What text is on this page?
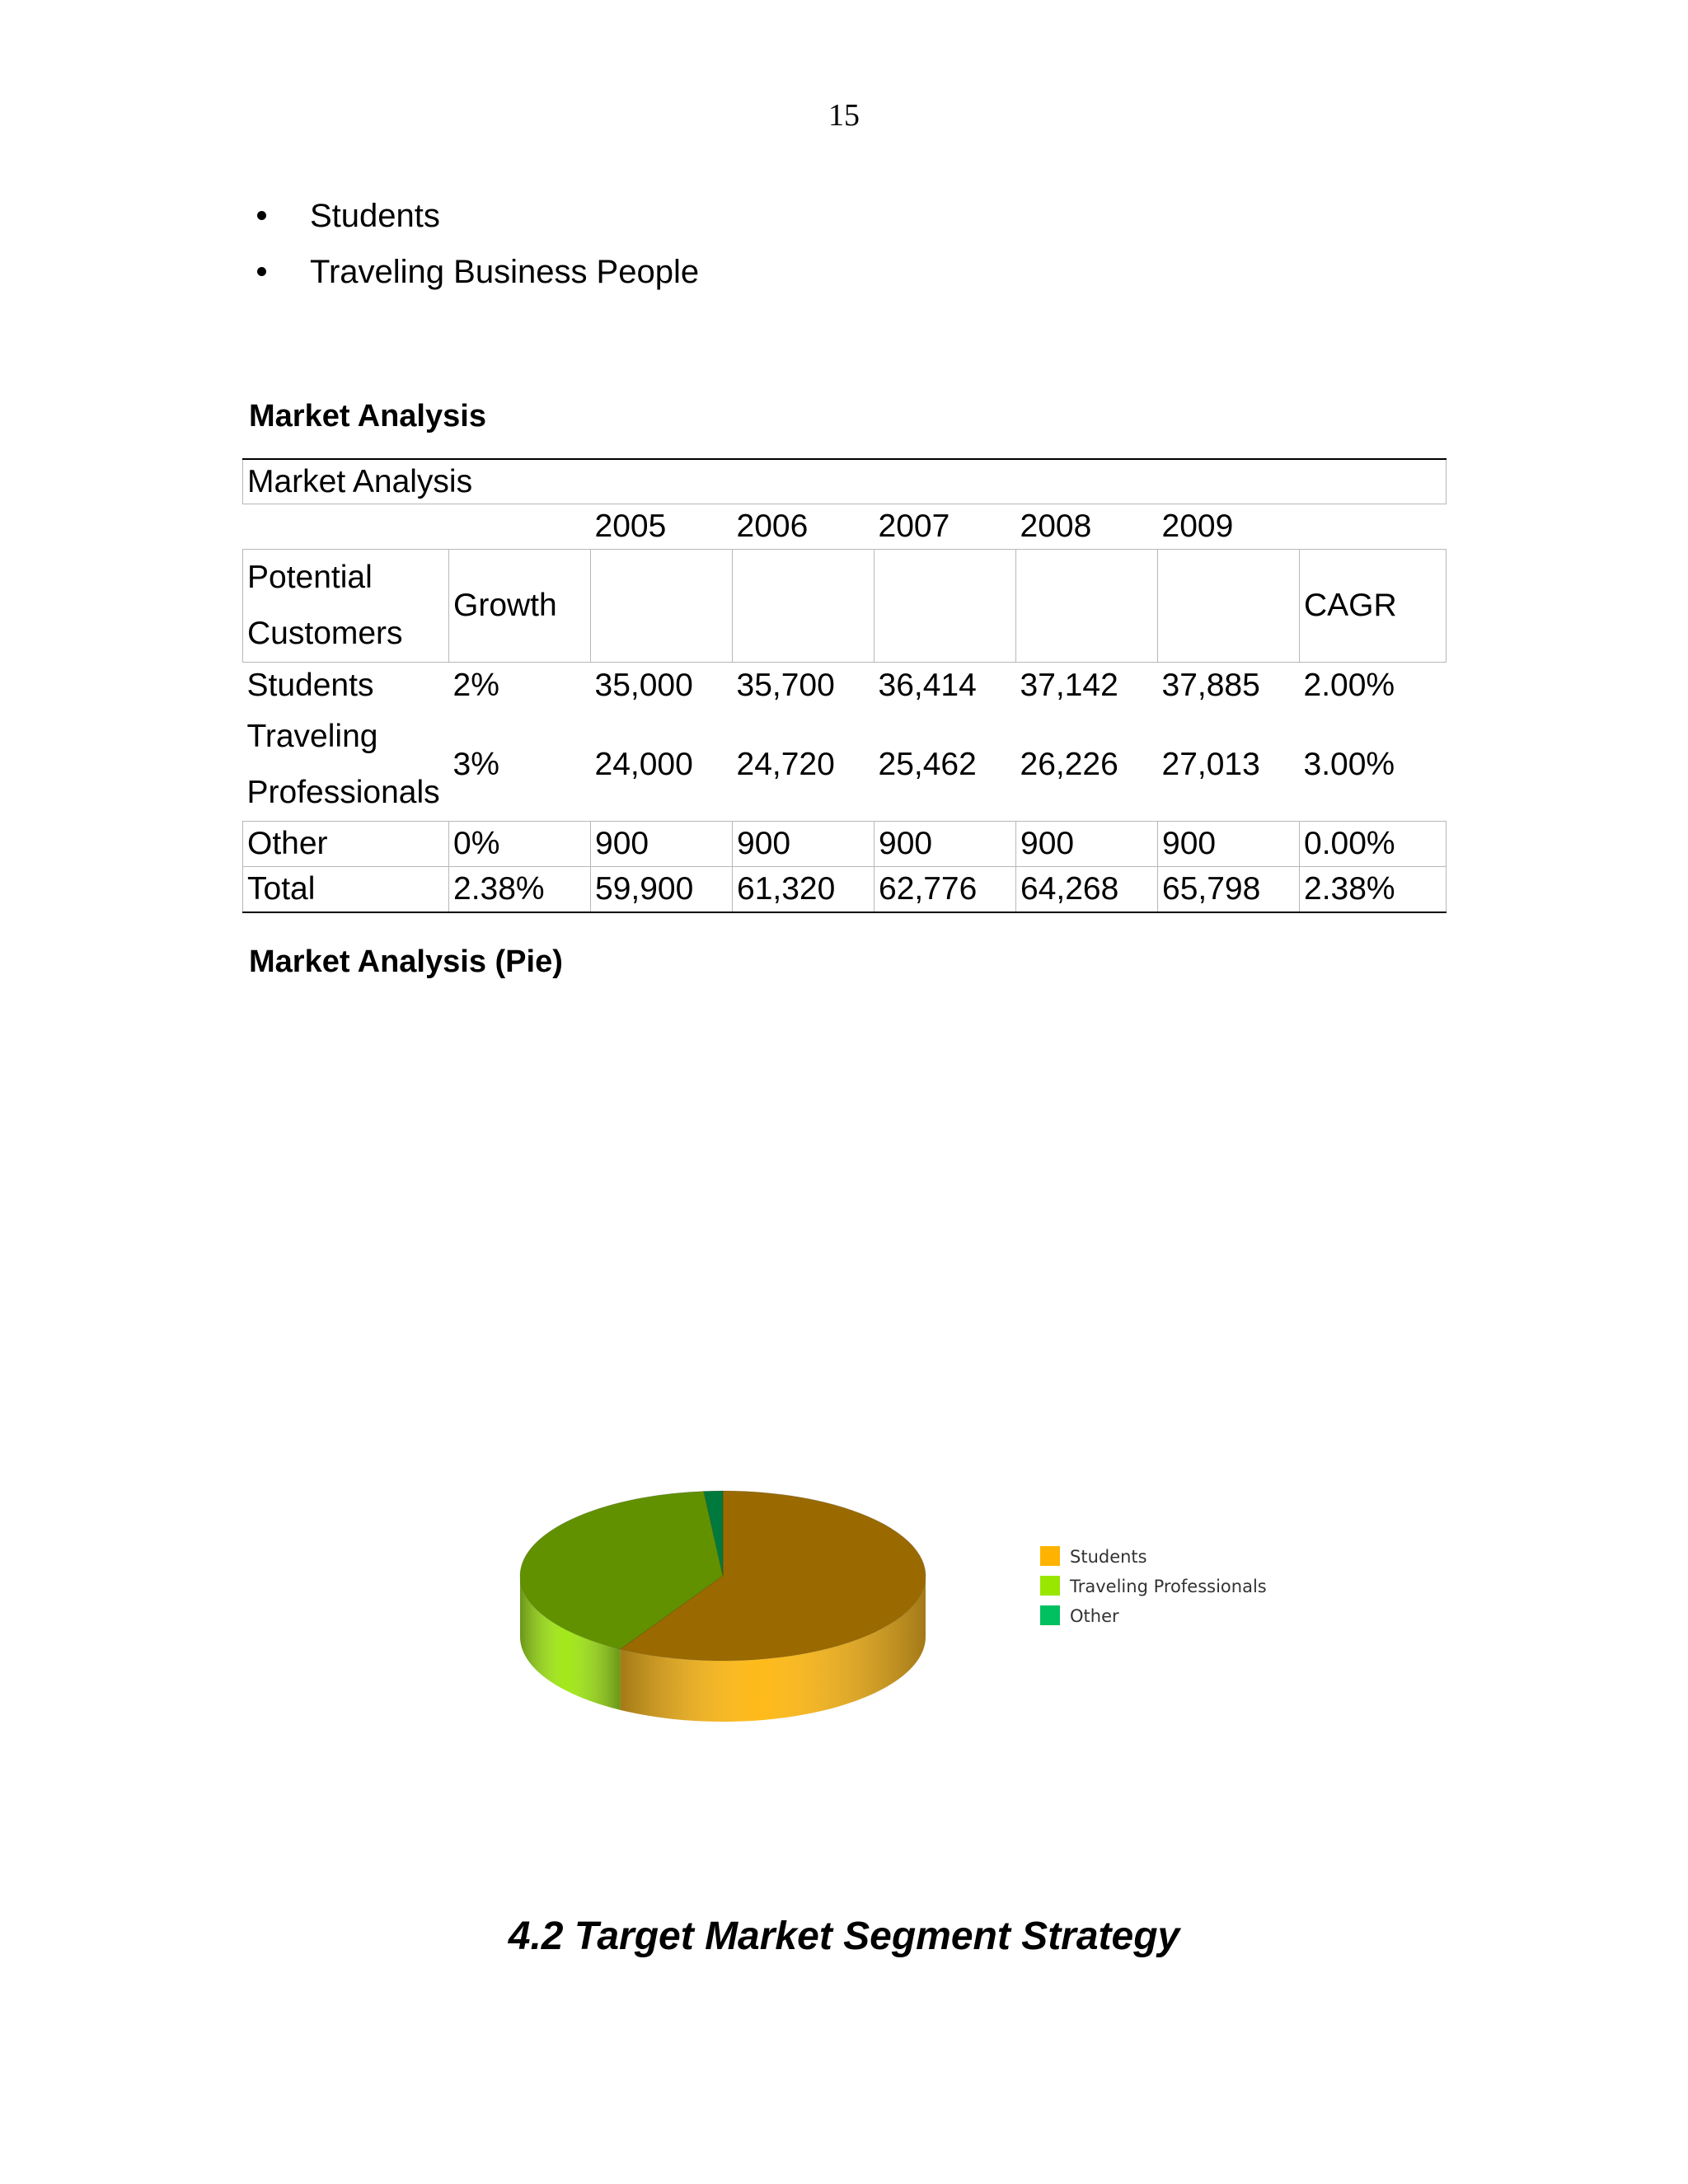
15
Students
Traveling Business People
Market Analysis
Market Analysis							
		2005	2006	2007	2008	2009	
Potential
Customers	Growth						CAGR
Students	2%	35,000	35,700	36,414	37,142	37,885	2.00%
Traveling
Professionals	3%	24,000	24,720	25,462	26,226	27,013	3.00%
Other	0%	900	900	900	900	900	0.00%
Total	2.38%	59,900	61,320	62,776	64,268	65,798	2.38%
Market Analysis (Pie)
Students
Traveling Professionals
Other
4.2 Target Market Segment Strategy
